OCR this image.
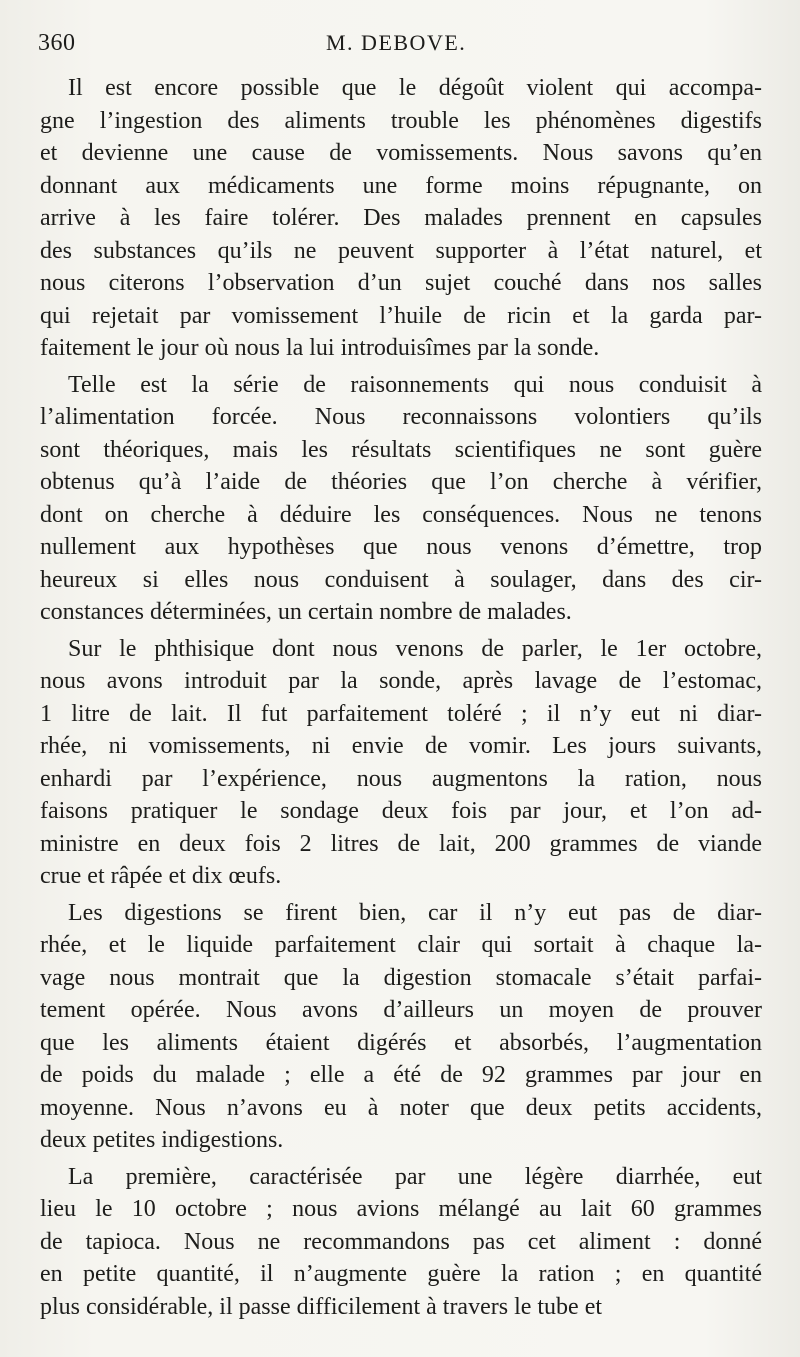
360	M. DEBOVE.
Il est encore possible que le dégoût violent qui accompa-
gne l’ingestion des aliments trouble les phénomènes digestifs
et devienne une cause de vomissements. Nous savons qu’en
donnant aux médicaments une forme moins répugnante, on
arrive à les faire tolérer. Des malades prennent en capsules
des substances qu’ils ne peuvent supporter à l’état naturel, et
nous citerons l’observation d’un sujet couché dans nos salles
qui rejetait par vomissement l’huile de ricin et la garda par-
faitement le jour où nous la lui introduisîmes par la sonde.
Telle est la série de raisonnements qui nous conduisit à
l’alimentation forcée. Nous reconnaissons volontiers qu’ils
sont théoriques, mais les résultats scientifiques ne sont guère
obtenus qu’à l’aide de théories que l’on cherche à vérifier,
dont on cherche à déduire les conséquences. Nous ne tenons
nullement aux hypothèses que nous venons d’émettre, trop
heureux si elles nous conduisent à soulager, dans des cir-
constances déterminées, un certain nombre de malades.
Sur le phthisique dont nous venons de parler, le 1er octobre,
nous avons introduit par la sonde, après lavage de l’estomac,
1 litre de lait. Il fut parfaitement toléré ; il n’y eut ni diar-
rhée, ni vomissements, ni envie de vomir. Les jours suivants,
enhardi par l’expérience, nous augmentons la ration, nous
faisons pratiquer le sondage deux fois par jour, et l’on ad-
ministre en deux fois 2 litres de lait, 200 grammes de viande
crue et râpée et dix œufs.
Les digestions se firent bien, car il n’y eut pas de diar-
rhée, et le liquide parfaitement clair qui sortait à chaque la-
vage nous montrait que la digestion stomacale s’était parfai-
tement opérée. Nous avons d’ailleurs un moyen de prouver
que les aliments étaient digérés et absorbés, l’augmentation
de poids du malade ; elle a été de 92 grammes par jour en
moyenne. Nous n’avons eu à noter que deux petits accidents,
deux petites indigestions.
La première, caractérisée par une légère diarrhée, eut
lieu le 10 octobre ; nous avions mélangé au lait 60 grammes
de tapioca. Nous ne recommandons pas cet aliment : donné
en petite quantité, il n’augmente guère la ration ; en quantité
plus considérable, il passe difficilement à travers le tube et
